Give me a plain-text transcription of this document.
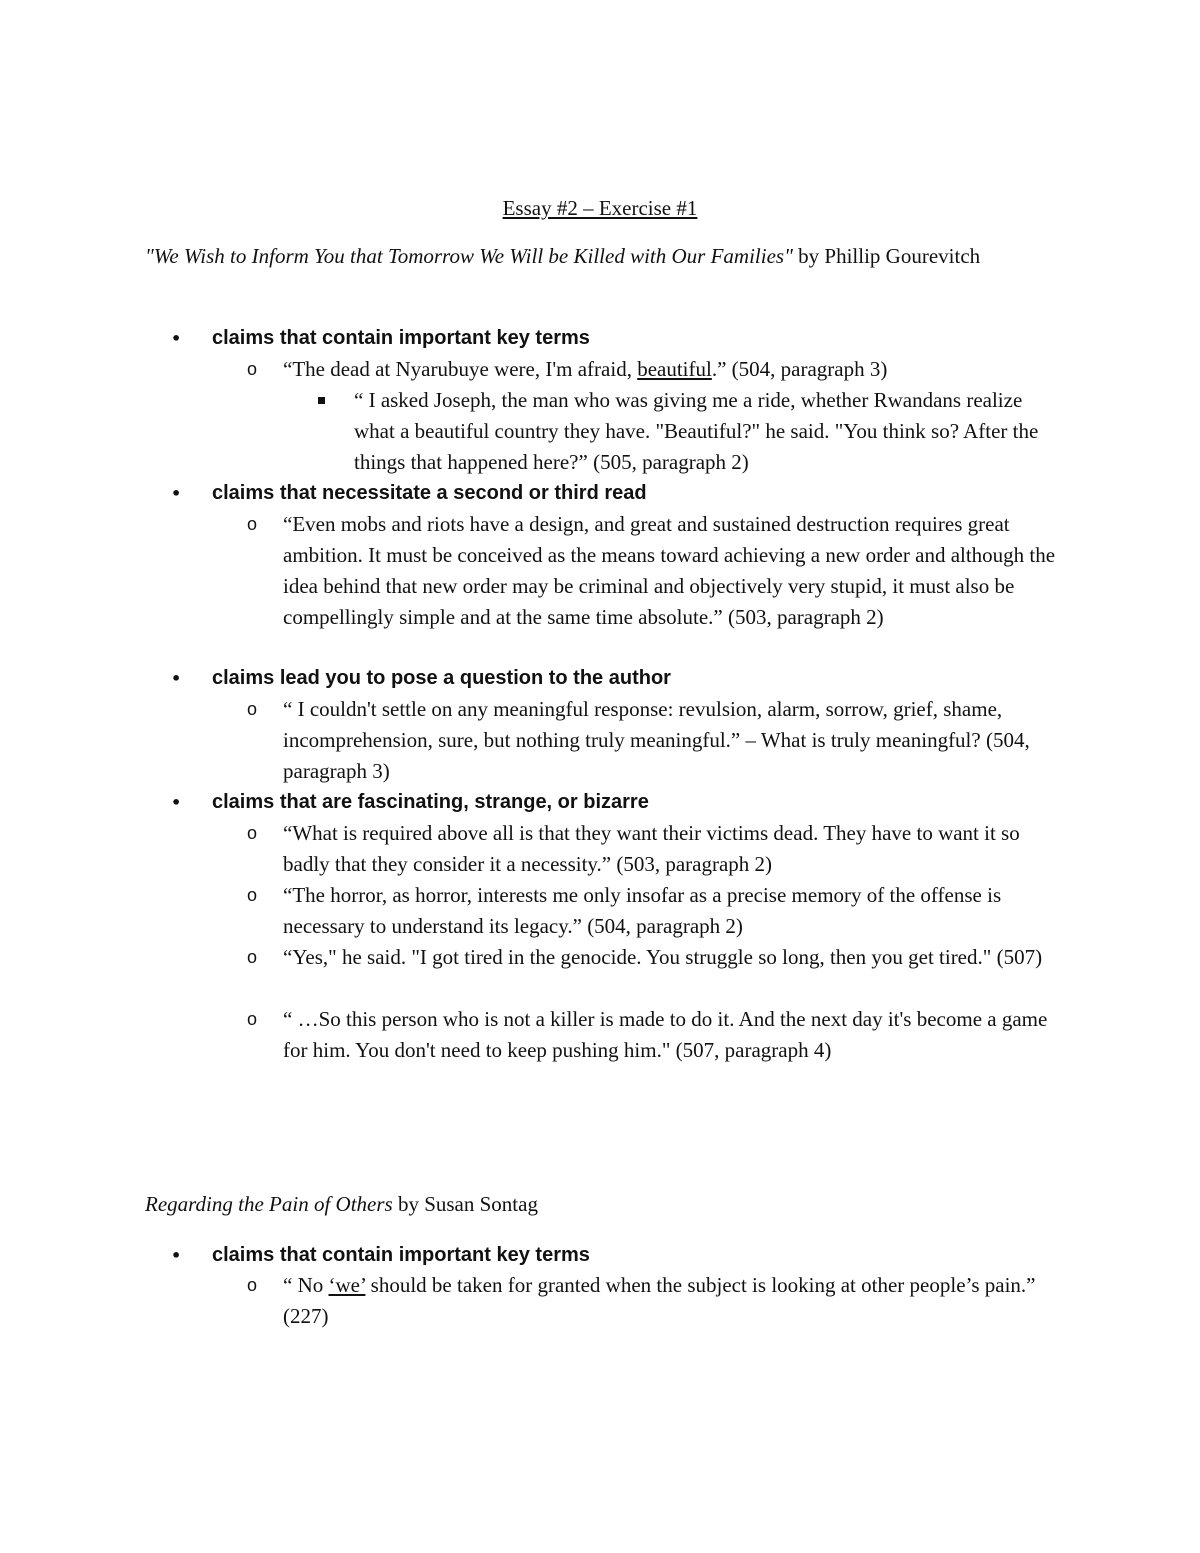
Essay #2 – Exercise #1
"We Wish to Inform You that Tomorrow We Will be Killed with Our Families" by Phillip Gourevitch
• claims that contain important key terms
o “The dead at Nyarubuye were, I'm afraid, beautiful.” (504, paragraph 3)
“ I asked Joseph, the man who was giving me a ride, whether Rwandans realize what a beautiful country they have. "Beautiful?" he said. "You think so? After the things that happened here?” (505, paragraph 2)
• claims that necessitate a second or third read
o “Even mobs and riots have a design, and great and sustained destruction requires great ambition. It must be conceived as the means toward achieving a new order and although the idea behind that new order may be criminal and objectively very stupid, it must also be compellingly simple and at the same time absolute.” (503, paragraph 2)
• claims lead you to pose a question to the author
o “ I couldn't settle on any meaningful response: revulsion, alarm, sorrow, grief, shame, incomprehension, sure, but nothing truly meaningful.” – What is truly meaningful? (504, paragraph 3)
• claims that are fascinating, strange, or bizarre
o “What is required above all is that they want their victims dead. They have to want it so badly that they consider it a necessity.” (503, paragraph 2)
o “The horror, as horror, interests me only insofar as a precise memory of the offense is necessary to understand its legacy.” (504, paragraph 2)
o “Yes," he said. "I got tired in the genocide. You struggle so long, then you get tired." (507)
o “ …So this person who is not a killer is made to do it. And the next day it's become a game for him. You don't need to keep pushing him." (507, paragraph 4)
Regarding the Pain of Others by Susan Sontag
• claims that contain important key terms
o “ No ‘we’ should be taken for granted when the subject is looking at other people’s pain.” (227)
